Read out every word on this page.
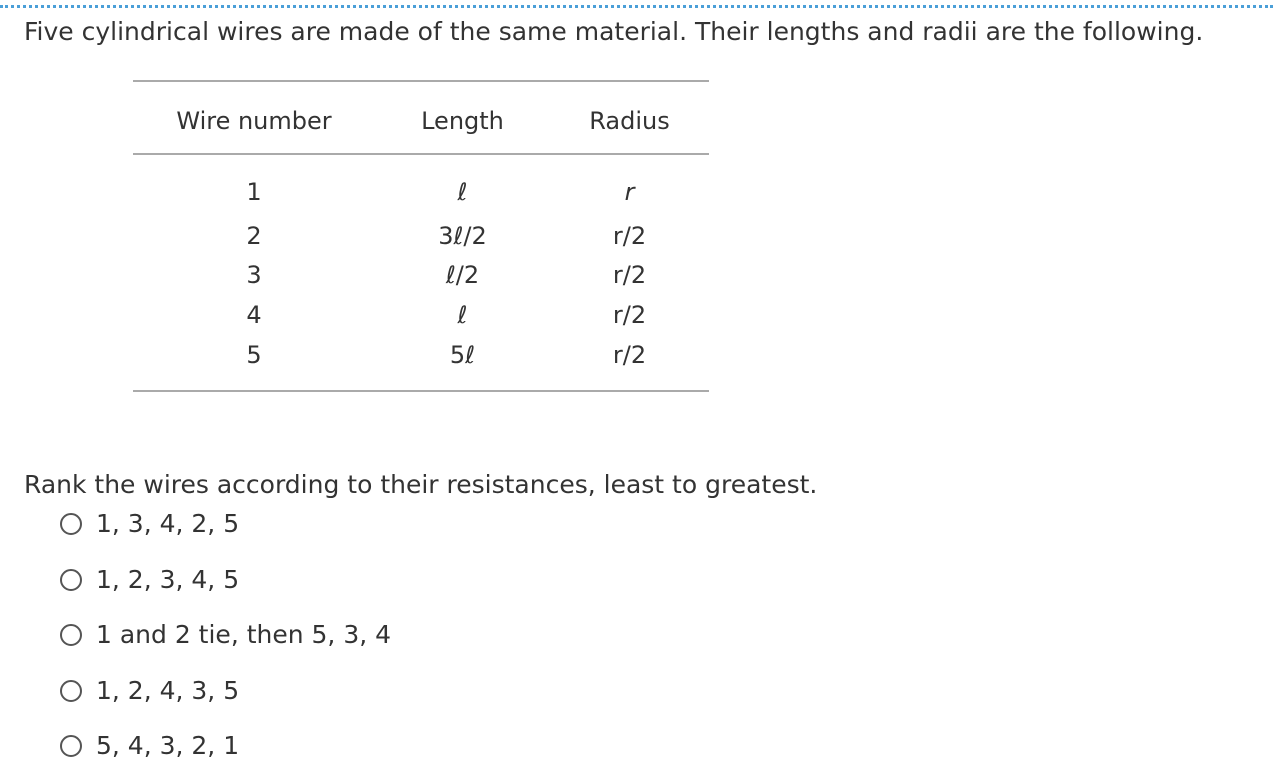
Five cylindrical wires are made of the same material. Their lengths and radii are the following.
Wire number	Length	Radius
1	ℓ	r
2	3ℓ/2	r/2
3	ℓ/2	r/2
4	ℓ	r/2
5	5ℓ	r/2
Rank the wires according to their resistances, least to greatest.
1, 3, 4, 2, 5
1, 2, 3, 4, 5
1 and 2 tie, then 5, 3, 4
1, 2, 4, 3, 5
5, 4, 3, 2, 1
